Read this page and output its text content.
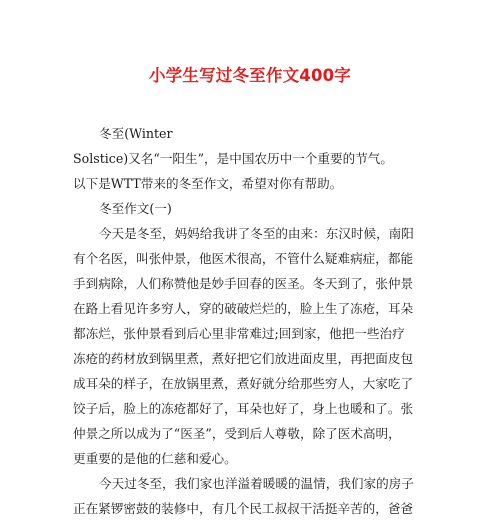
小学生写过冬至作文400字
冬至(Winter
Solstice)又名“一阳生”，是中国农历中一个重要的节气。
以下是WTT带来的冬至作文，希望对你有帮助。
冬至作文(一)
今天是冬至，妈妈给我讲了冬至的由来：东汉时候，南阳
有个名医，叫张仲景，他医术很高，不管什么疑难病症，都能
手到病除，人们称赞他是妙手回春的医圣。冬天到了，张仲景
在路上看见许多穷人，穿的破破烂烂的，脸上生了冻疮，耳朵
都冻烂，张仲景看到后心里非常难过;回到家，他把一些治疗
冻疮的药材放到锅里煮，煮好把它们放进面皮里，再把面皮包
成耳朵的样子，在放锅里煮，煮好就分给那些穷人，大家吃了
饺子后，脸上的冻疮都好了，耳朵也好了，身上也暖和了。张
仲景之所以成为了“医圣”，受到后人尊敬，除了医术高明，
更重要的是他的仁慈和爱心。
今天过冬至，我们家也洋溢着暖暖的温情，我们家的房子
正在紧锣密鼓的装修中，有几个民工叔叔干活挺辛苦的，爸爸
